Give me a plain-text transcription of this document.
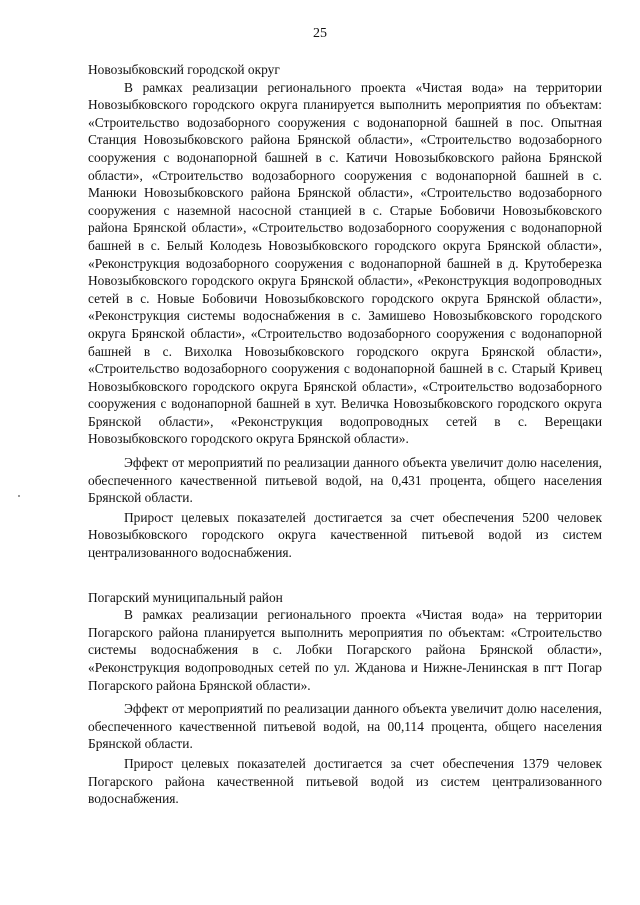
25

Новозыбковский городской округ

В рамках реализации регионального проекта «Чистая вода» на территории Новозыбковского городского округа планируется выполнить мероприятия по объектам: «Строительство водозаборного сооружения с водонапорной башней в пос. Опытная Станция Новозыбковского района Брянской области», «Строительство водозаборного сооружения с водонапорной башней в с. Катичи Новозыбковского района Брянской области», «Строительство водозаборного сооружения с водонапорной башней в с. Манюки Новозыбковского района Брянской области», «Строительство водозаборного сооружения с наземной насосной станцией в с. Старые Бобовичи Новозыбковского района Брянской области», «Строительство водозаборного сооружения с водонапорной башней в с. Белый Колодезь Новозыбковского городского округа Брянской области», «Реконструкция водозаборного сооружения с водонапорной башней в д. Крутоберезка Новозыбковского городского округа Брянской области», «Реконструкция водопроводных сетей в с. Новые Бобовичи Новозыбковского городского округа Брянской области», «Реконструкция системы водоснабжения в с. Замишево Новозыбковского городского округа Брянской области», «Строительство водозаборного сооружения с водонапорной башней в с. Вихолка Новозыбковского городского округа Брянской области», «Строительство водозаборного сооружения с водонапорной башней в с. Старый Кривец Новозыбковского городского округа Брянской области», «Строительство водозаборного сооружения с водонапорной башней в хут. Величка Новозыбковского городского округа Брянской области», «Реконструкция водопроводных сетей в с. Верещаки Новозыбковского городского округа Брянской области».

Эффект от мероприятий по реализации данного объекта увеличит долю населения, обеспеченного качественной питьевой водой, на 0,431 процента, общего населения Брянской области.

Прирост целевых показателей достигается за счет обеспечения 5200 человек Новозыбковского городского округа качественной питьевой водой из систем централизованного водоснабжения.

Погарский муниципальный район

В рамках реализации регионального проекта «Чистая вода» на территории Погарского района планируется выполнить мероприятия по объектам: «Строительство системы водоснабжения в с. Лобки Погарского района Брянской области», «Реконструкция водопроводных сетей по ул. Жданова и Нижне-Ленинская в пгт Погар Погарского района Брянской области».

Эффект от мероприятий по реализации данного объекта увеличит долю населения, обеспеченного качественной питьевой водой, на 00,114 процента, общего населения Брянской области.

Прирост целевых показателей достигается за счет обеспечения 1379 человек Погарского района качественной питьевой водой из систем централизованного водоснабжения.
